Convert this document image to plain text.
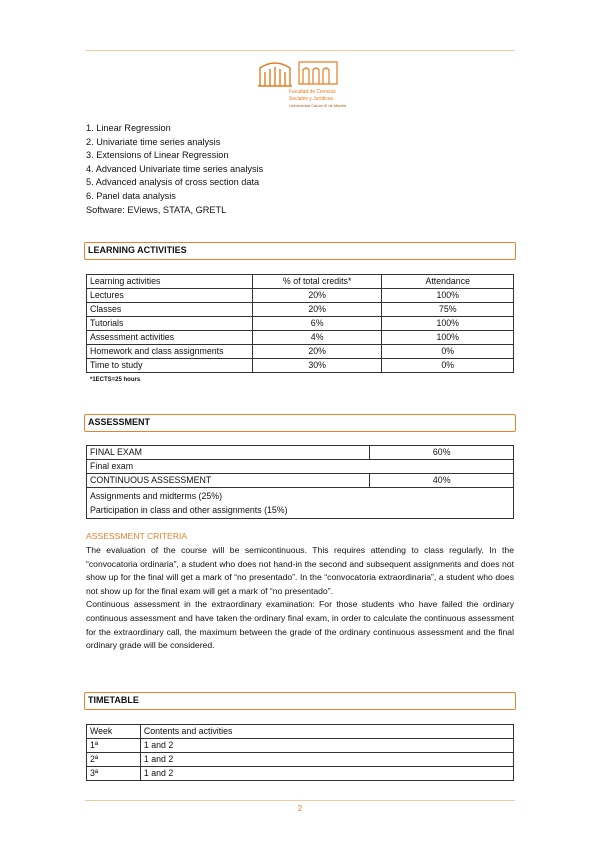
Facultad de Ciencias
Sociales y Jurídicas
Universidad Carlos III de Madrid
1. Linear Regression
2. Univariate time series analysis
3. Extensions of Linear Regression
4. Advanced Univariate time series analysis
5. Advanced analysis of cross section data
6. Panel data analysis
Software: EViews, STATA, GRETL
LEARNING ACTIVITIES
Learning activities	% of total credits*	Attendance
Lectures	20%	100%
Classes	20%	75%
Tutorials	6%	100%
Assessment activities	4%	100%
Homework and class assignments	20%	0%
Time to study	30%	0%
*1ECTS=25 hours
ASSESSMENT
FINAL EXAM	60%
Final exam	
CONTINUOUS ASSESSMENT	40%

Assignments and midterms (25%)
Participation in class and other assignments (15%)	
ASSESSMENT CRITERIA

The evaluation of the course will be semicontinuous. This requires attending to class regularly. In the “convocatoria ordinaria”, a student who does not hand-in the second and subsequent assignments and does not show up for the final will get a mark of “no presentado”. In the “convocatoria extraordinaria”, a student who does not show up for the final exam will get a mark of “no presentado”.

Continuous assessment in the extraordinary examination: For those students who have failed the ordinary continuous assessment and have taken the ordinary final exam, in order to calculate the continuous assessment for the extraordinary call, the maximum between the grade of the ordinary continuous assessment and the final ordinary grade will be considered.

TIMETABLE
Week	Contents and activities
1ª	1 and 2
2ª	1 and 2
3ª	1 and 2
2
